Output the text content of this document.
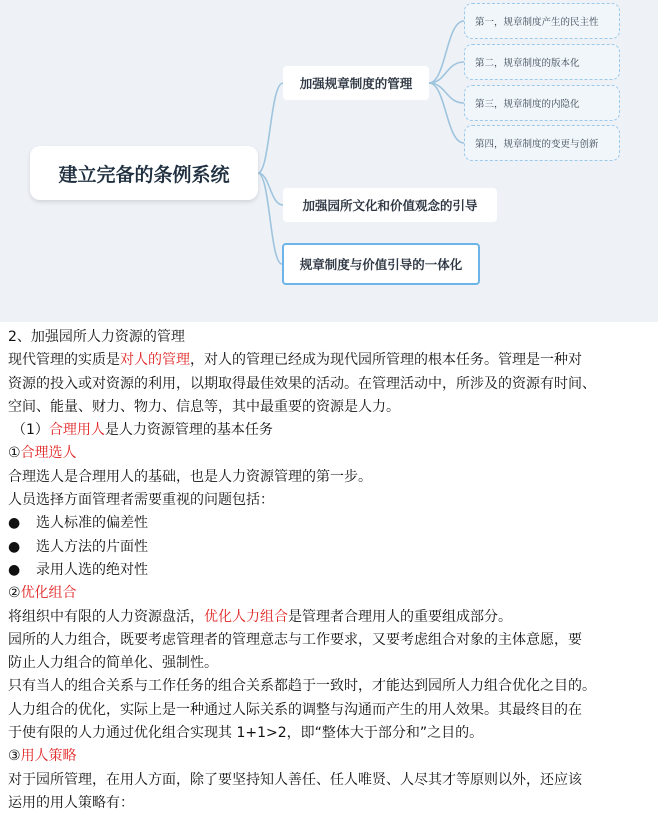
建立完备的条例系统
加强规章制度的管理
加强园所文化和价值观念的引导
规章制度与价值引导的一体化
第一，规章制度产生的民主性
第二，规章制度的版本化
第三，规章制度的内隐化
第四，规章制度的变更与创新
2、加强园所人力资源的管理
现代管理的实质是对人的管理，对人的管理已经成为现代园所管理的根本任务。管理是一种对
资源的投入或对资源的利用，以期取得最佳效果的活动。在管理活动中，所涉及的资源有时间、
空间、能量、财力、物力、信息等，其中最重要的资源是人力。
（1）合理用人是人力资源管理的基本任务
①合理选人
合理选人是合理用人的基础，也是人力资源管理的第一步。
人员选择方面管理者需要重视的问题包括：
● 选人标准的偏差性
● 选人方法的片面性
● 录用人选的绝对性
②优化组合
将组织中有限的人力资源盘活，优化人力组合是管理者合理用人的重要组成部分。
园所的人力组合，既要考虑管理者的管理意志与工作要求，又要考虑组合对象的主体意愿，要
防止人力组合的简单化、强制性。
只有当人的组合关系与工作任务的组合关系都趋于一致时，才能达到园所人力组合优化之目的。
人力组合的优化，实际上是一种通过人际关系的调整与沟通而产生的用人效果。其最终目的在
于使有限的人力通过优化组合实现其 1+1>2，即“整体大于部分和”之目的。
③用人策略
对于园所管理，在用人方面，除了要坚持知人善任、任人唯贤、人尽其才等原则以外，还应该
运用的用人策略有：
